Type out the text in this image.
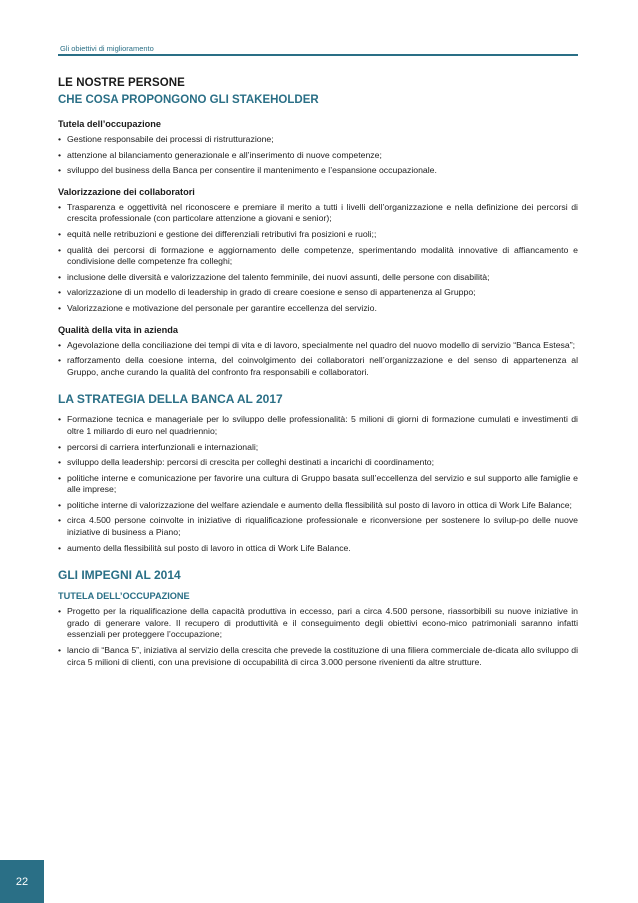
Gli obiettivi di miglioramento
LE NOSTRE PERSONE
CHE COSA PROPONGONO GLI STAKEHOLDER
Tutela dell’occupazione
• Gestione responsabile dei processi di ristrutturazione;
• attenzione al bilanciamento generazionale e all’inserimento di nuove competenze;
• sviluppo del business della Banca per consentire il mantenimento e l’espansione occupazionale.
Valorizzazione dei collaboratori
• Trasparenza e oggettività nel riconoscere e premiare il merito a tutti i livelli dell’organizzazione e nella definizione dei percorsi di crescita professionale (con particolare attenzione a giovani e senior);
• equità nelle retribuzioni e gestione dei differenziali retributivi fra posizioni e ruoli;;
• qualità dei percorsi di formazione e aggiornamento delle competenze, sperimentando modalità innovative di affiancamento e condivisione delle competenze fra colleghi;
• inclusione delle diversità e valorizzazione del talento femminile, dei nuovi assunti, delle persone con disabilità;
• valorizzazione di un modello di leadership in grado di creare coesione e senso di appartenenza al Gruppo;
• Valorizzazione e motivazione del personale per garantire eccellenza del servizio.
Qualità della vita in azienda
• Agevolazione della conciliazione dei tempi di vita e di lavoro, specialmente nel quadro del nuovo modello di servizio “Banca Estesa”;
• rafforzamento della coesione interna, del coinvolgimento dei collaboratori nell’organizzazione e del senso di appartenenza al Gruppo, anche curando la qualità del confronto fra responsabili e collaboratori.
LA STRATEGIA DELLA BANCA AL 2017
• Formazione tecnica e manageriale per lo sviluppo delle professionalità: 5 milioni di giorni di formazione cumulati e investimenti di oltre 1 miliardo di euro nel quadriennio;
• percorsi di carriera interfunzionali e internazionali;
• sviluppo della leadership: percorsi di crescita per colleghi destinati a incarichi di coordinamento;
• politiche interne e comunicazione per favorire una cultura di Gruppo basata sull’eccellenza del servizio e sul supporto alle famiglie e alle imprese;
• politiche interne di valorizzazione del welfare aziendale e aumento della flessibilità sul posto di lavoro in ottica di Work Life Balance;
• circa 4.500 persone coinvolte in iniziative di riqualificazione professionale e riconversione per sostenere lo svilup-po delle nuove iniziative di business a Piano;
• aumento della flessibilità sul posto di lavoro in ottica di Work Life Balance.
GLI IMPEGNI AL 2014
TUTELA DELL’OCCUPAZIONE
• Progetto per la riqualificazione della capacità produttiva in eccesso, pari a circa 4.500 persone, riassorbibili su nuove iniziative in grado di generare valore. Il recupero di produttività e il conseguimento degli obiettivi econo-mico patrimoniali saranno infatti essenziali per proteggere l’occupazione;
• lancio di “Banca 5”, iniziativa al servizio della crescita che prevede la costituzione di una filiera commerciale de-dicata allo sviluppo di circa 5 milioni di clienti, con una previsione di occupabilità di circa 3.000 persone rivenienti da altre strutture.
22
